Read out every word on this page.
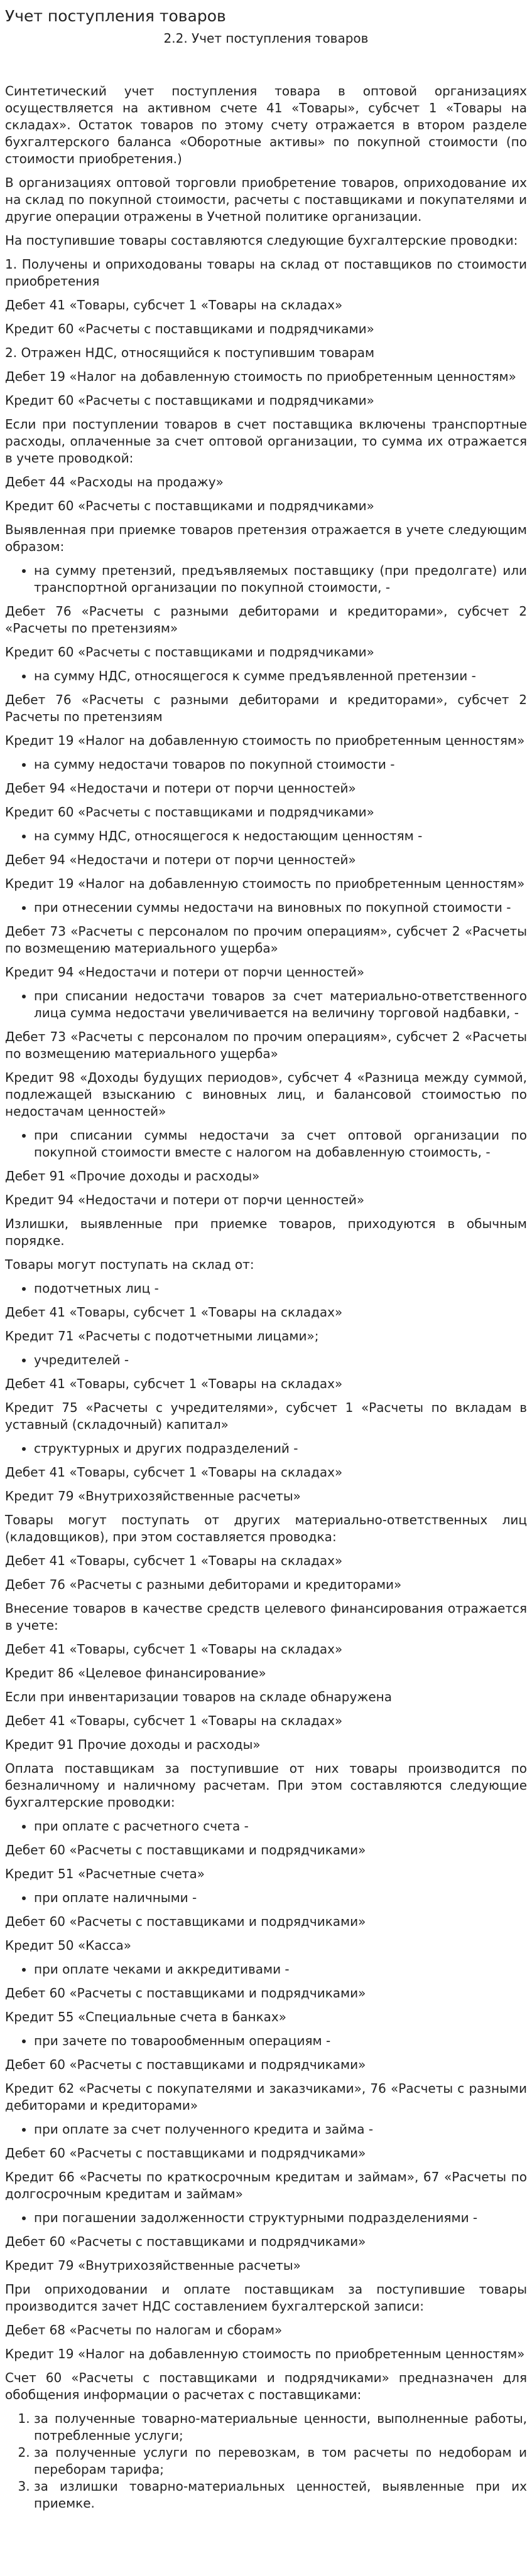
Учет поступления товаров
2.2. Учет поступления товаров

Синтетический учет поступления товара в оптовой организациях осуществляется на активном счете 41 «Товары», субсчет 1 «Товары на складах». Остаток товаров по этому счету отражается в втором разделе бухгалтерского баланса «Оборотные активы» по покупной стоимости (по стоимости приобретения.)

В организациях оптовой торговли приобретение товаров, оприходование их на склад по покупной стоимости, расчеты с поставщиками и покупателями и другие операции отражены в Учетной политике организации.

На поступившие товары составляются следующие бухгалтерские проводки:

1. Получены и оприходованы товары на склад от поставщиков по стоимости приобретения

Дебет 41 «Товары, субсчет 1 «Товары на складах»

Кредит 60 «Расчеты с поставщиками и подрядчиками»

2. Отражен НДС, относящийся к поступившим товарам

Дебет 19 «Налог на добавленную стоимость по приобретенным ценностям»

Кредит 60 «Расчеты с поставщиками и подрядчиками»

Если при поступлении товаров в счет поставщика включены транспортные расходы, оплаченные за счет оптовой организации, то сумма их отражается в учете проводкой:

Дебет 44 «Расходы на продажу»

Кредит 60 «Расчеты с поставщиками и подрядчиками»

Выявленная при приемке товаров претензия отражается в учете следующим образом:

• на сумму претензий, предъявляемых поставщику (при предолгате) или транспортной организации по покупной стоимости, -

Дебет 76 «Расчеты с разными дебиторами и кредиторами», субсчет 2 «Расчеты по претензиям»

Кредит 60 «Расчеты с поставщиками и подрядчиками»

• на сумму НДС, относящегося к сумме предъявленной претензии -

Дебет 76 «Расчеты с разными дебиторами и кредиторами», субсчет 2 Расчеты по претензиям

Кредит 19 «Налог на добавленную стоимость по приобретенным ценностям»

• на сумму недостачи товаров по покупной стоимости -

Дебет 94 «Недостачи и потери от порчи ценностей»

Кредит 60 «Расчеты с поставщиками и подрядчиками»

• на сумму НДС, относящегося к недостающим ценностям -

Дебет 94 «Недостачи и потери от порчи ценностей»

Кредит 19 «Налог на добавленную стоимость по приобретенным ценностям»

• при отнесении суммы недостачи на виновных по покупной стоимости -

Дебет 73 «Расчеты с персоналом по прочим операциям», субсчет 2 «Расчеты по возмещению материального ущерба»

Кредит 94 «Недостачи и потери от порчи ценностей»

• при списании недостачи товаров за счет материально-ответственного лица сумма недостачи увеличивается на величину торговой надбавки, -

Дебет 73 «Расчеты с персоналом по прочим операциям», субсчет 2 «Расчеты по возмещению материального ущерба»

Кредит 98 «Доходы будущих периодов», субсчет 4 «Разница между суммой, подлежащей взысканию с виновных лиц, и балансовой стоимостью по недостачам ценностей»

• при списании суммы недостачи за счет оптовой организации по покупной стоимости вместе с налогом на добавленную стоимость, -

Дебет 91 «Прочие доходы и расходы»

Кредит 94 «Недостачи и потери от порчи ценностей»

Излишки, выявленные при приемке товаров, приходуются в обычным порядке.

Товары могут поступать на склад от:

• подотчетных лиц -

Дебет 41 «Товары, субсчет 1 «Товары на складах»

Кредит 71 «Расчеты с подотчетными лицами»;

• учредителей -

Дебет 41 «Товары, субсчет 1 «Товары на складах»

Кредит 75 «Расчеты с учредителями», субсчет 1 «Расчеты по вкладам в уставный (складочный) капитал»

• структурных и других подразделений -

Дебет 41 «Товары, субсчет 1 «Товары на складах»

Кредит 79 «Внутрихозяйственные расчеты»

Товары могут поступать от других материально-ответственных лиц (кладовщиков), при этом составляется проводка:

Дебет 41 «Товары, субсчет 1 «Товары на складах»

Дебет 76 «Расчеты с разными дебиторами и кредиторами»

Внесение товаров в качестве средств целевого финансирования отражается в учете:

Дебет 41 «Товары, субсчет 1 «Товары на складах»

Кредит 86 «Целевое финансирование»

Если при инвентаризации товаров на складе обнаружена

Дебет 41 «Товары, субсчет 1 «Товары на складах»

Кредит 91 Прочие доходы и расходы»

Оплата поставщикам за поступившие от них товары производится по безналичному и наличному расчетам. При этом составляются следующие бухгалтерские проводки:

• при оплате с расчетного счета -

Дебет 60 «Расчеты с поставщиками и подрядчиками»

Кредит 51 «Расчетные счета»

• при оплате наличными -

Дебет 60 «Расчеты с поставщиками и подрядчиками»

Кредит 50 «Касса»

• при оплате чеками и аккредитивами -

Дебет 60 «Расчеты с поставщиками и подрядчиками»

Кредит 55 «Специальные счета в банках»

• при зачете по товарообменным операциям -

Дебет 60 «Расчеты с поставщиками и подрядчиками»

Кредит 62 «Расчеты с покупателями и заказчиками», 76 «Расчеты с разными дебиторами и кредиторами»

• при оплате за счет полученного кредита и займа -

Дебет 60 «Расчеты с поставщиками и подрядчиками»

Кредит 66 «Расчеты по краткосрочным кредитам и займам», 67 «Расчеты по долгосрочным кредитам и займам»

• при погашении задолженности структурными подразделениями -

Дебет 60 «Расчеты с поставщиками и подрядчиками»

Кредит 79 «Внутрихозяйственные расчеты»

При оприходовании и оплате поставщикам за поступившие товары производится зачет НДС составлением бухгалтерской записи:

Дебет 68 «Расчеты по налогам и сборам»

Кредит 19 «Налог на добавленную стоимость по приобретенным ценностям»

Счет 60 «Расчеты с поставщиками и подрядчиками» предназначен для обобщения информации о расчетах с поставщиками:

1. за полученные товарно-материальные ценности, выполненные работы, потребленные услуги;
2. за полученные услуги по перевозкам, в том расчеты по недоборам и переборам тарифа;
3. за излишки товарно-материальных ценностей, выявленные при их приемке.
